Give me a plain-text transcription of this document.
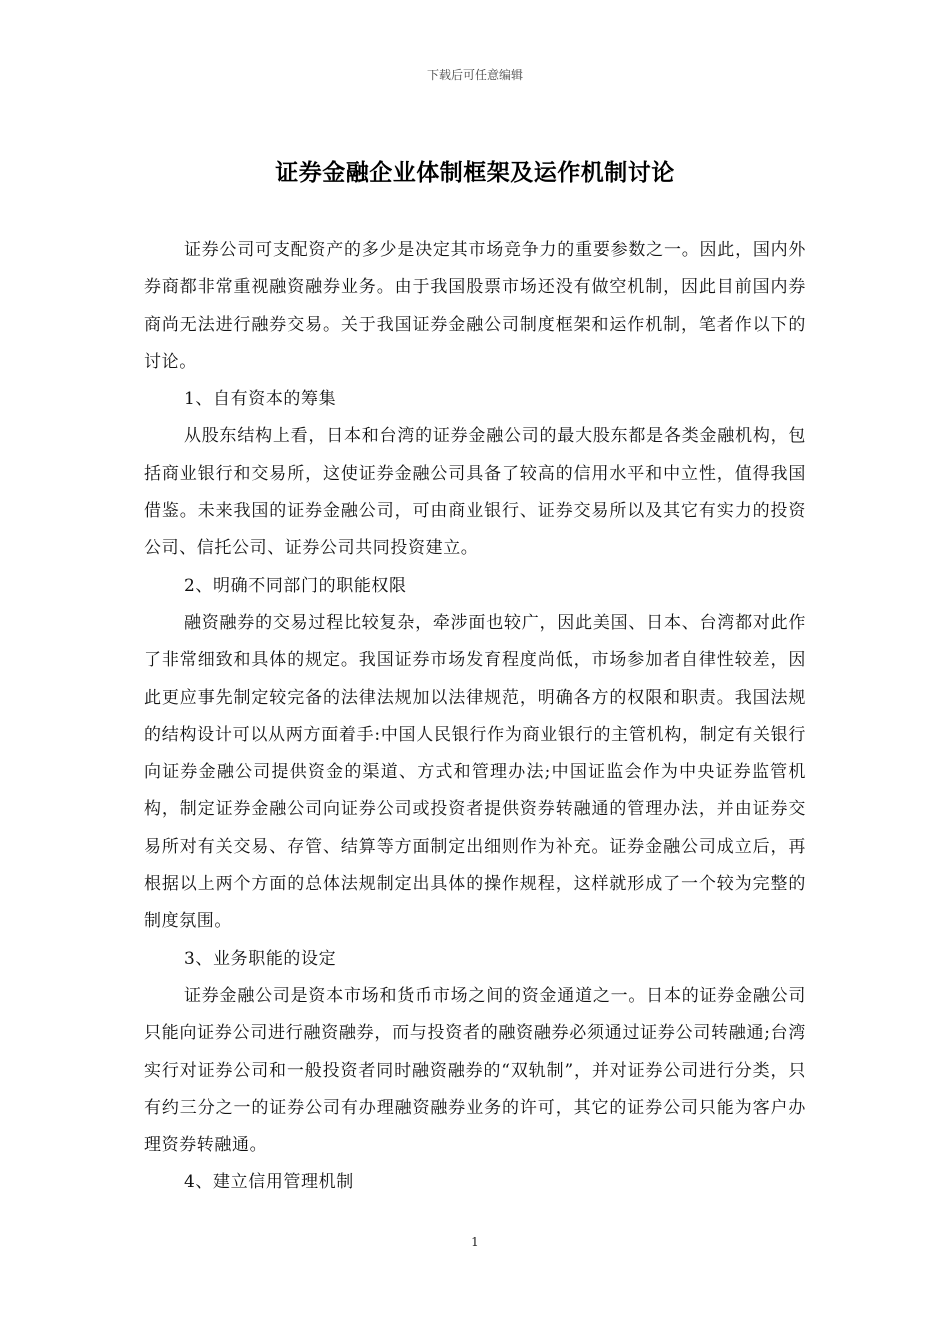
下载后可任意编辑
证券金融企业体制框架及运作机制讨论

证券公司可支配资产的多少是决定其市场竞争力的重要参数之一。因此，国内外券商都非常重视融资融券业务。由于我国股票市场还没有做空机制，因此目前国内券商尚无法进行融券交易。关于我国证券金融公司制度框架和运作机制，笔者作以下的讨论。

1、自有资本的筹集

从股东结构上看，日本和台湾的证券金融公司的最大股东都是各类金融机构，包括商业银行和交易所，这使证券金融公司具备了较高的信用水平和中立性，值得我国借鉴。未来我国的证券金融公司，可由商业银行、证券交易所以及其它有实力的投资公司、信托公司、证券公司共同投资建立。

2、明确不同部门的职能权限

融资融券的交易过程比较复杂，牵涉面也较广，因此美国、日本、台湾都对此作了非常细致和具体的规定。我国证券市场发育程度尚低，市场参加者自律性较差，因此更应事先制定较完备的法律法规加以法律规范，明确各方的权限和职责。我国法规的结构设计可以从两方面着手:中国人民银行作为商业银行的主管机构，制定有关银行向证券金融公司提供资金的渠道、方式和管理办法;中国证监会作为中央证券监管机构，制定证券金融公司向证券公司或投资者提供资券转融通的管理办法，并由证券交易所对有关交易、存管、结算等方面制定出细则作为补充。证券金融公司成立后，再根据以上两个方面的总体法规制定出具体的操作规程，这样就形成了一个较为完整的制度氛围。

3、业务职能的设定

证券金融公司是资本市场和货币市场之间的资金通道之一。日本的证券金融公司只能向证券公司进行融资融券，而与投资者的融资融券必须通过证券公司转融通;台湾实行对证券公司和一般投资者同时融资融券的“双轨制”，并对证券公司进行分类，只有约三分之一的证券公司有办理融资融券业务的许可，其它的证券公司只能为客户办理资券转融通。

4、建立信用管理机制

1
